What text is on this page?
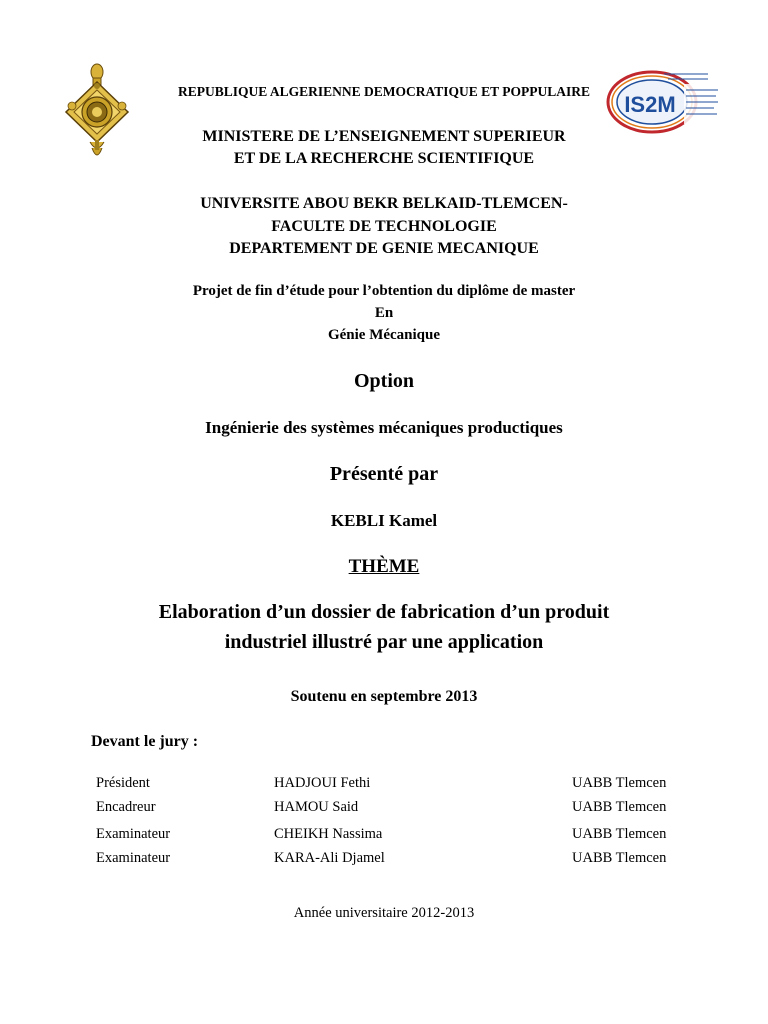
IS2M
REPUBLIQUE ALGERIENNE DEMOCRATIQUE ET POPPULAIRE
MINISTERE DE L’ENSEIGNEMENT SUPERIEUR
ET DE LA RECHERCHE SCIENTIFIQUE
UNIVERSITE ABOU BEKR BELKAID-TLEMCEN-
FACULTE DE TECHNOLOGIE
DEPARTEMENT DE GENIE MECANIQUE
Projet de fin d’étude pour l’obtention du diplôme de master
En
Génie Mécanique
Option
Ingénierie des systèmes mécaniques productiques
Présenté par
KEBLI Kamel
THÈME
Elaboration d’un dossier de fabrication d’un produit
industriel illustré par une application
Soutenu en septembre 2013
Devant le jury :
Président	HADJOUI Fethi	UABB Tlemcen
Encadreur	HAMOU Said	UABB Tlemcen
Examinateur	CHEIKH Nassima	UABB Tlemcen
Examinateur	KARA-Ali Djamel	UABB Tlemcen
Année universitaire 2012-2013
